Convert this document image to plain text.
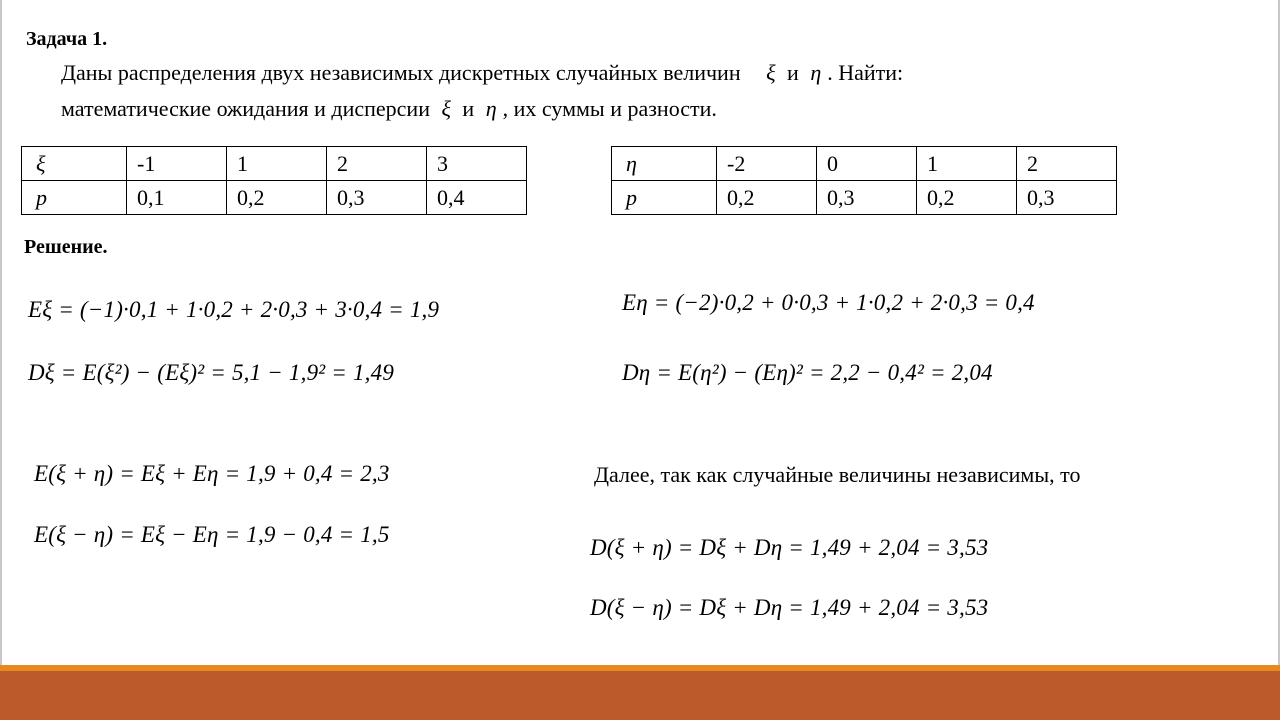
Задача 1.
Даны распределения двух независимых дискретных случайных величин ξ и η . Найти:
математические ожидания и дисперсии ξ и η , их суммы и разности.
ξ	-1	1	2	3
p	0,1	0,2	0,3	0,4
η	-2	0	1	2
p	0,2	0,3	0,2	0,3
Решение.
Eξ = (−1)·0,1 + 1·0,2 + 2·0,3 + 3·0,4 = 1,9
Dξ = E(ξ²) − (Eξ)² = 5,1 − 1,9² = 1,49
Eη = (−2)·0,2 + 0·0,3 + 1·0,2 + 2·0,3 = 0,4
Dη = E(η²) − (Eη)² = 2,2 − 0,4² = 2,04
E(ξ + η) = Eξ + Eη = 1,9 + 0,4 = 2,3
E(ξ − η) = Eξ − Eη = 1,9 − 0,4 = 1,5
Далее, так как случайные величины независимы, то
D(ξ + η) = Dξ + Dη = 1,49 + 2,04 = 3,53
D(ξ − η) = Dξ + Dη = 1,49 + 2,04 = 3,53
